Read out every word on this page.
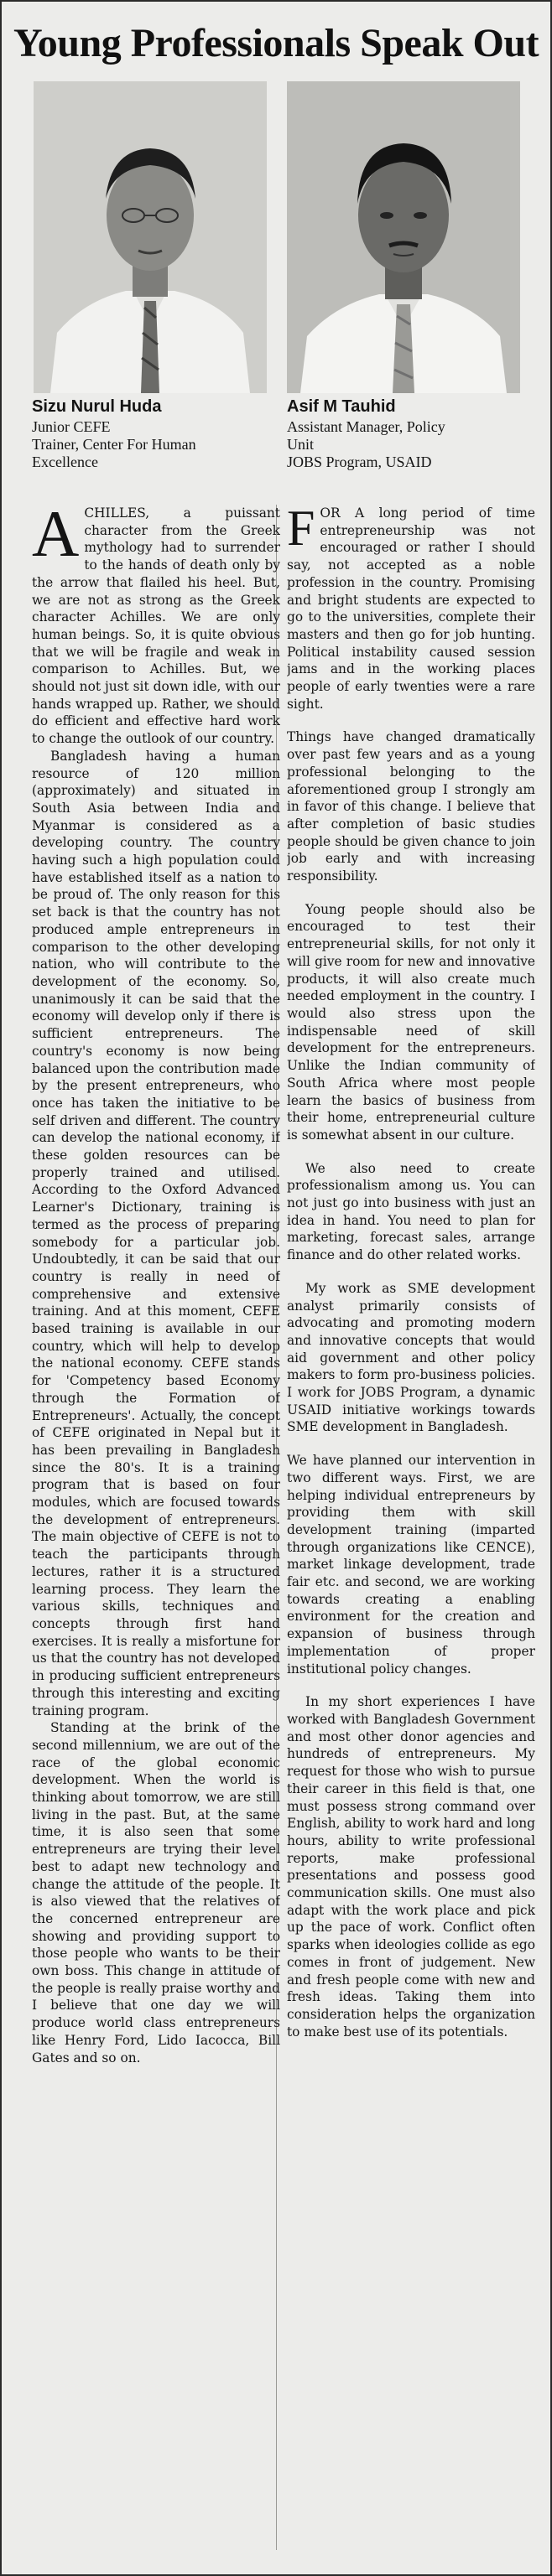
Young Professionals Speak Out
Sizu Nurul Huda
Junior CEFE
Trainer, Center For Human
Excellence
Asif M Tauhid
Assistant Manager, Policy
Unit
JOBS Program, USAID

ACHILLES, a puissant character from the Greek mythology had to surrender to the hands of death only by the arrow that flailed his heel. But, we are not as strong as the Greek character Achilles. We are only human beings. So, it is quite obvious that we will be fragile and weak in comparison to Achilles. But, we should not just sit down idle, with our hands wrapped up. Rather, we should do efficient and effective hard work to change the outlook of our country.

Bangladesh having a human resource of 120 million (approximately) and situated in South Asia between India and Myanmar is considered as a developing country. The country having such a high population could have established itself as a nation to be proud of. The only reason for this set back is that the country has not produced ample entrepreneurs in comparison to the other developing nation, who will contribute to the development of the economy. So, unanimously it can be said that the economy will develop only if there is sufficient entrepreneurs. The country's economy is now being balanced upon the contribution made by the present entrepreneurs, who once has taken the initiative to be self driven and different. The country can develop the national economy, if these golden resources can be properly trained and utilised. According to the Oxford Advanced Learner's Dictionary, training is termed as the process of preparing somebody for a particular job. Undoubtedly, it can be said that our country is really in need of comprehensive and extensive training. And at this moment, CEFE based training is available in our country, which will help to develop the national economy. CEFE stands for 'Competency based Economy through the Formation of Entrepreneurs'. Actually, the concept of CEFE originated in Nepal but it has been prevailing in Bangladesh since the 80's. It is a training program that is based on four modules, which are focused towards the development of entrepreneurs. The main objective of CEFE is not to teach the participants through lectures, rather it is a structured learning process. They learn the various skills, techniques and concepts through first hand exercises. It is really a misfortune for us that the country has not developed in producing sufficient entrepreneurs through this interesting and exciting training program.

Standing at the brink of the second millennium, we are out of the race of the global economic development. When the world is thinking about tomorrow, we are still living in the past. But, at the same time, it is also seen that some entrepreneurs are trying their level best to adapt new technology and change the attitude of the people. It is also viewed that the relatives of the concerned entrepreneur are showing and providing support to those people who wants to be their own boss. This change in attitude of the people is really praise worthy and I believe that one day we will produce world class entrepreneurs like Henry Ford, Lido Iacocca, Bill Gates and so on.

FOR A long period of time entrepreneurship was not encouraged or rather I should say, not accepted as a noble profession in the country. Promising and bright students are expected to go to the universities, complete their masters and then go for job hunting. Political instability caused session jams and in the working places people of early twenties were a rare sight.

Things have changed dramatically over past few years and as a young professional belonging to the aforementioned group I strongly am in favor of this change. I believe that after completion of basic studies people should be given chance to join job early and with increasing responsibility.

Young people should also be encouraged to test their entrepreneurial skills, for not only it will give room for new and innovative products, it will also create much needed employment in the country. I would also stress upon the indispensable need of skill development for the entrepreneurs. Unlike the Indian community of South Africa where most people learn the basics of business from their home, entrepreneurial culture is somewhat absent in our culture.

We also need to create professionalism among us. You can not just go into business with just an idea in hand. You need to plan for marketing, forecast sales, arrange finance and do other related works.

My work as SME development analyst primarily consists of advocating and promoting modern and innovative concepts that would aid government and other policy makers to form pro-business policies. I work for JOBS Program, a dynamic USAID initiative workings towards SME development in Bangladesh.

We have planned our intervention in two different ways. First, we are helping individual entrepreneurs by providing them with skill development training (imparted through organizations like CENCE), market linkage development, trade fair etc. and second, we are working towards creating a enabling environment for the creation and expansion of business through implementation of proper institutional policy changes.

In my short experiences I have worked with Bangladesh Government and most other donor agencies and hundreds of entrepreneurs. My request for those who wish to pursue their career in this field is that, one must possess strong command over English, ability to work hard and long hours, ability to write professional reports, make professional presentations and possess good communication skills. One must also adapt with the work place and pick up the pace of work. Conflict often sparks when ideologies collide as ego comes in front of judgement. New and fresh people come with new and fresh ideas. Taking them into consideration helps the organization to make best use of its potentials.
